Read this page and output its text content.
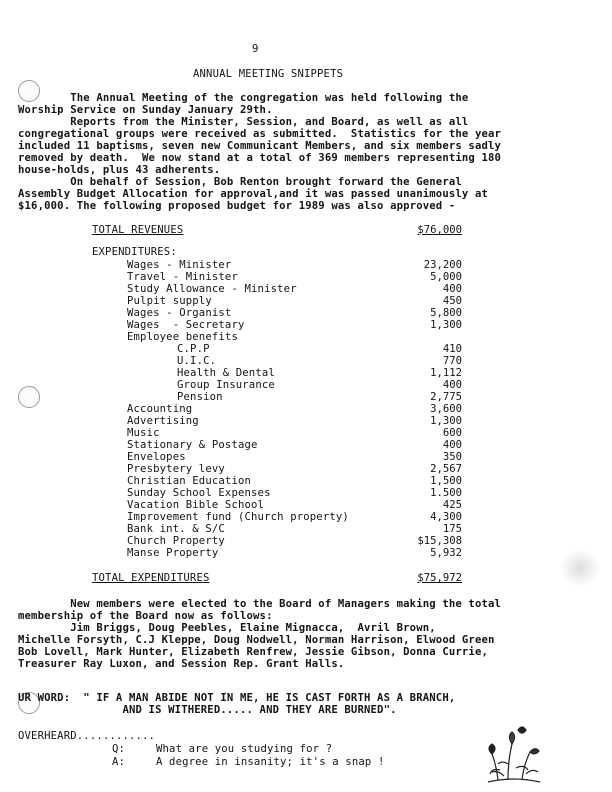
9
ANNUAL MEETING SNIPPETS
The Annual Meeting of the congregation was held following the
Worship Service on Sunday January 29th.
Reports from the Minister, Session, and Board, as well as all
congregational groups were received as submitted.  Statistics for the year
included 11 baptisms, seven new Communicant Members, and six members sadly
removed by death.  We now stand at a total of 369 members representing 180
house-holds, plus 43 adherents.
On behalf of Session, Bob Renton brought forward the General
Assembly Budget Allocation for approval,and it was passed unanimously at
$16,000. The following proposed budget for 1989 was also approved -
TOTAL REVENUES	$76,000
EXPENDITURES:
Wages - Minister	23,200
Travel - Minister	5,000
Study Allowance - Minister	400
Pulpit supply	450
Wages - Organist	5,800
Wages  - Secretary	1,300
Employee benefits
C.P.P	410
U.I.C.	770
Health & Dental	1,112
Group Insurance	400
Pension	2,775
Accounting	3,600
Advertising	1,300
Music	600
Stationary & Postage	400
Envelopes	350
Presbytery levy	2,567
Christian Education	1,500
Sunday School Expenses	1.500
Vacation Bible School	425
Improvement fund (Church property)	4,300
Bank int. & S/C	175
Church Property	$15,308
Manse Property	5,932
TOTAL EXPENDITURES	$75,972
New members were elected to the Board of Managers making the total
membership of the Board now as follows:
Jim Briggs, Doug Peebles, Elaine Mignacca,  Avril Brown,
Michelle Forsyth, C.J Kleppe, Doug Nodwell, Norman Harrison, Elwood Green
Bob Lovell, Mark Hunter, Elizabeth Renfrew, Jessie Gibson, Donna Currie,
Treasurer Ray Luxon, and Session Rep. Grant Halls.
UR WORD:  " IF A MAN ABIDE NOT IN ME, HE IS CAST FORTH AS A BRANCH,
AND IS WITHERED..... AND THEY ARE BURNED".
OVERHEARD............
Q:	What are you studying for ?
A:	A degree in insanity; it's a snap !
